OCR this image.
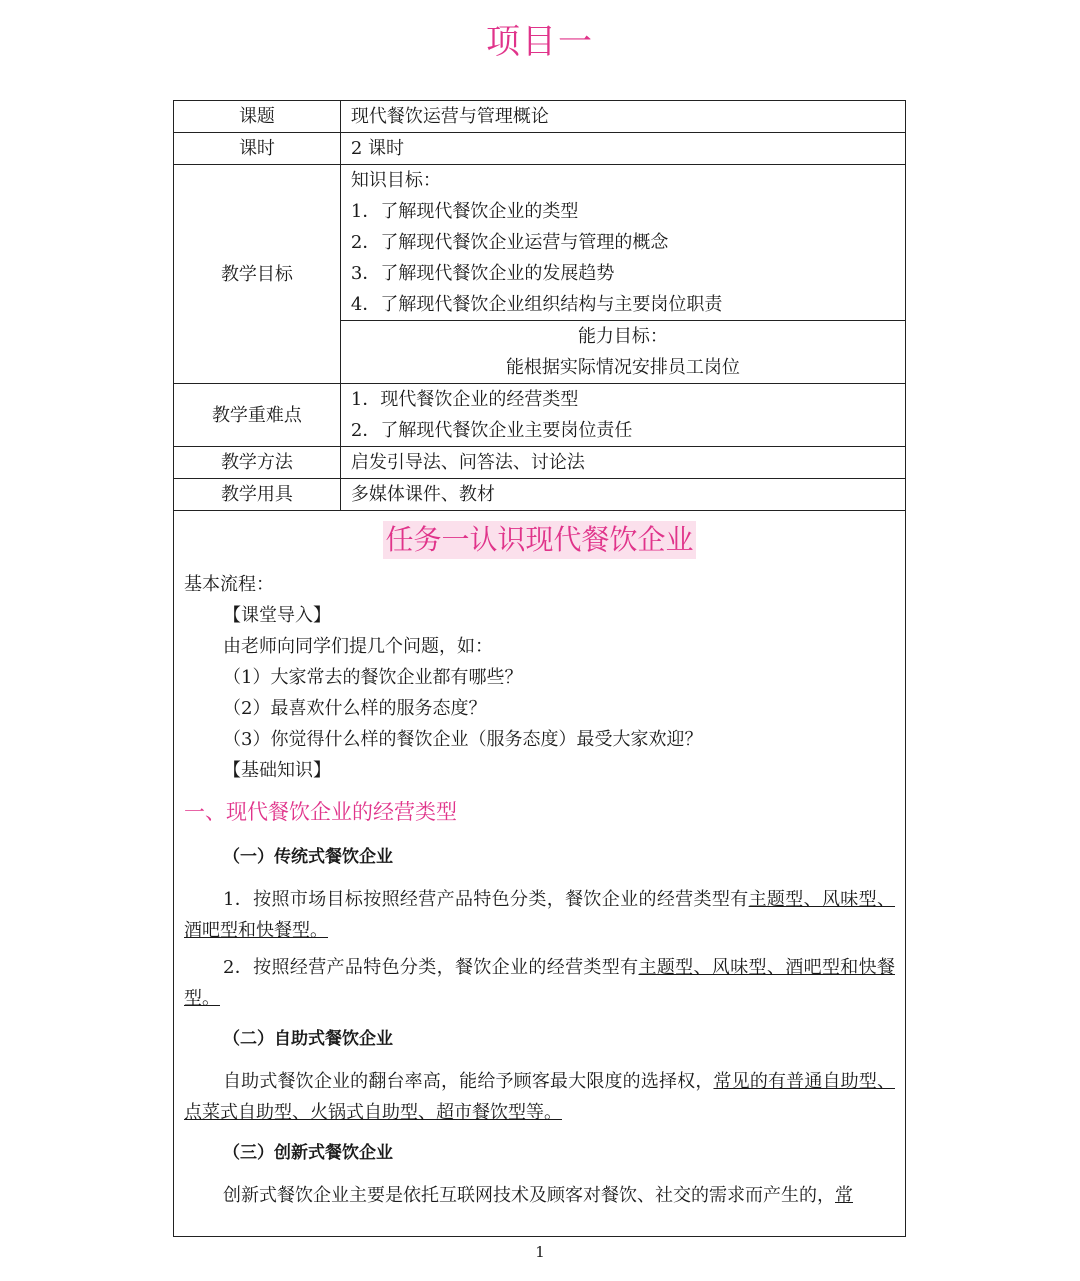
项目一
课题	现代餐饮运营与管理概论

课时	2 课时

教学目标	知识目标：
1．了解现代餐饮企业的类型
2．了解现代餐饮企业运营与管理的概念
3．了解现代餐饮企业的发展趋势
4．了解现代餐饮企业组织结构与主要岗位职责

	能力目标：
能根据实际情况安排员工岗位

教学重难点	1．现代餐饮企业的经营类型
2．了解现代餐饮企业主要岗位责任

教学方法	启发引导法、问答法、讨论法

教学用具	多媒体课件、教材
任务一认识现代餐饮企业

基本流程：

【课堂导入】

由老师向同学们提几个问题，如：

（1）大家常去的餐饮企业都有哪些？

（2）最喜欢什么样的服务态度？

（3）你觉得什么样的餐饮企业（服务态度）最受大家欢迎？

【基础知识】

一、现代餐饮企业的经营类型
（一）传统式餐饮企业

1．按照市场目标按照经营产品特色分类，餐饮企业的经营类型有主题型、风味型、酒吧型和快餐型。

2．按照经营产品特色分类，餐饮企业的经营类型有主题型、风味型、酒吧型和快餐型。

（二）自助式餐饮企业

自助式餐饮企业的翻台率高，能给予顾客最大限度的选择权，常见的有普通自助型、点菜式自助型、火锅式自助型、超市餐饮型等。

（三）创新式餐饮企业

创新式餐饮企业主要是依托互联网技术及顾客对餐饮、社交的需求而产生的，常

1
